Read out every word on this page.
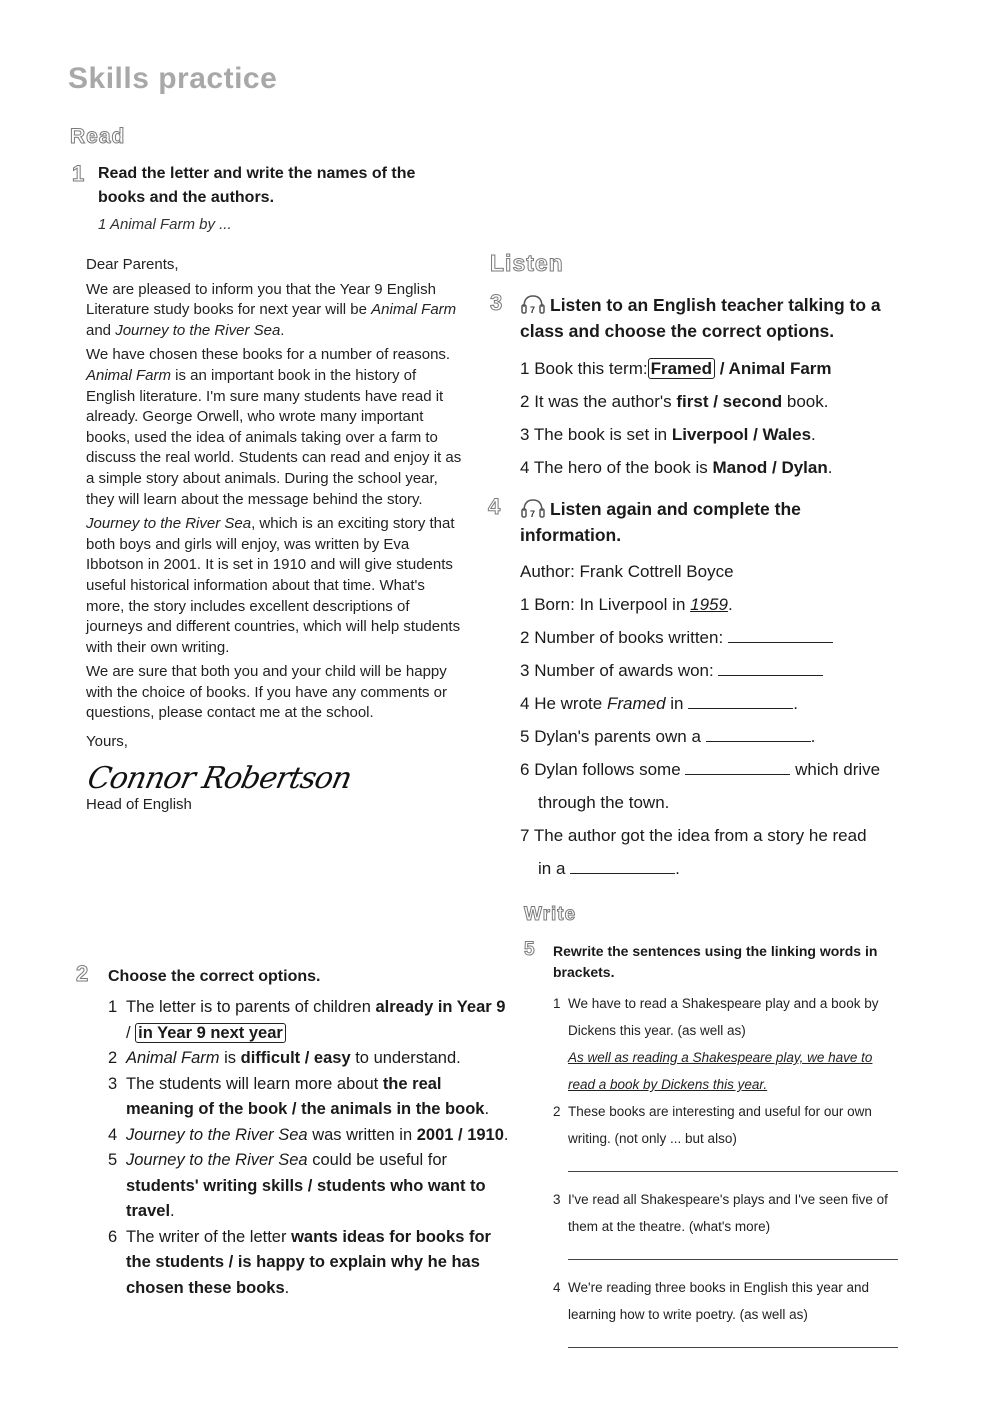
Skills practice
Read
1 Read the letter and write the names of the books and the authors.
1 Animal Farm by ...

Dear Parents,

We are pleased to inform you that the Year 9 English Literature study books for next year will be Animal Farm and Journey to the River Sea.

We have chosen these books for a number of reasons. Animal Farm is an important book in the history of English literature. I'm sure many students have read it already. George Orwell, who wrote many important books, used the idea of animals taking over a farm to discuss the real world. Students can read and enjoy it as a simple story about animals. During the school year, they will learn about the message behind the story.

Journey to the River Sea, which is an exciting story that both boys and girls will enjoy, was written by Eva Ibbotson in 2001. It is set in 1910 and will give students useful historical information about that time. What's more, the story includes excellent descriptions of journeys and different countries, which will help students with their own writing.

We are sure that both you and your child will be happy with the choice of books. If you have any comments or questions, please contact me at the school.

Yours,

Connor Robertson

Head of English

2 Choose the correct options.
1 The letter is to parents of children already in Year 9 / in Year 9 next year
2 Animal Farm is difficult / easy to understand.
3 The students will learn more about the real meaning of the book / the animals in the book.
4 Journey to the River Sea was written in 2001 / 1910.
5 Journey to the River Sea could be useful for students' writing skills / students who want to travel.
6 The writer of the letter wants ideas for books for the students / is happy to explain why he has chosen these books.
Listen
3	7 Listen to an English teacher talking to a class and choose the correct options.
1 Book this term: Framed / Animal Farm
2 It was the author's first / second book.
3 The book is set in Liverpool / Wales.
4 The hero of the book is Manod / Dylan.
4	7 Listen again and complete the information.
Author: Frank Cottrell Boyce
1 Born: In Liverpool in 1959.
2 Number of books written:
3 Number of awards won:
4 He wrote Framed in	.
5 Dylan's parents own a	.
6 Dylan follows some	which drive
through the town.
7 The author got the idea from a story he read
in a	.
Write
5 Rewrite the sentences using the linking words in brackets.
1 We have to read a Shakespeare play and a book by Dickens this year. (as well as)
As well as reading a Shakespeare play, we have to read a book by Dickens this year.
2 These books are interesting and useful for our own writing. (not only ... but also)
3 I've read all Shakespeare's plays and I've seen five of them at the theatre. (what's more)
4 We're reading three books in English this year and learning how to write poetry. (as well as)
